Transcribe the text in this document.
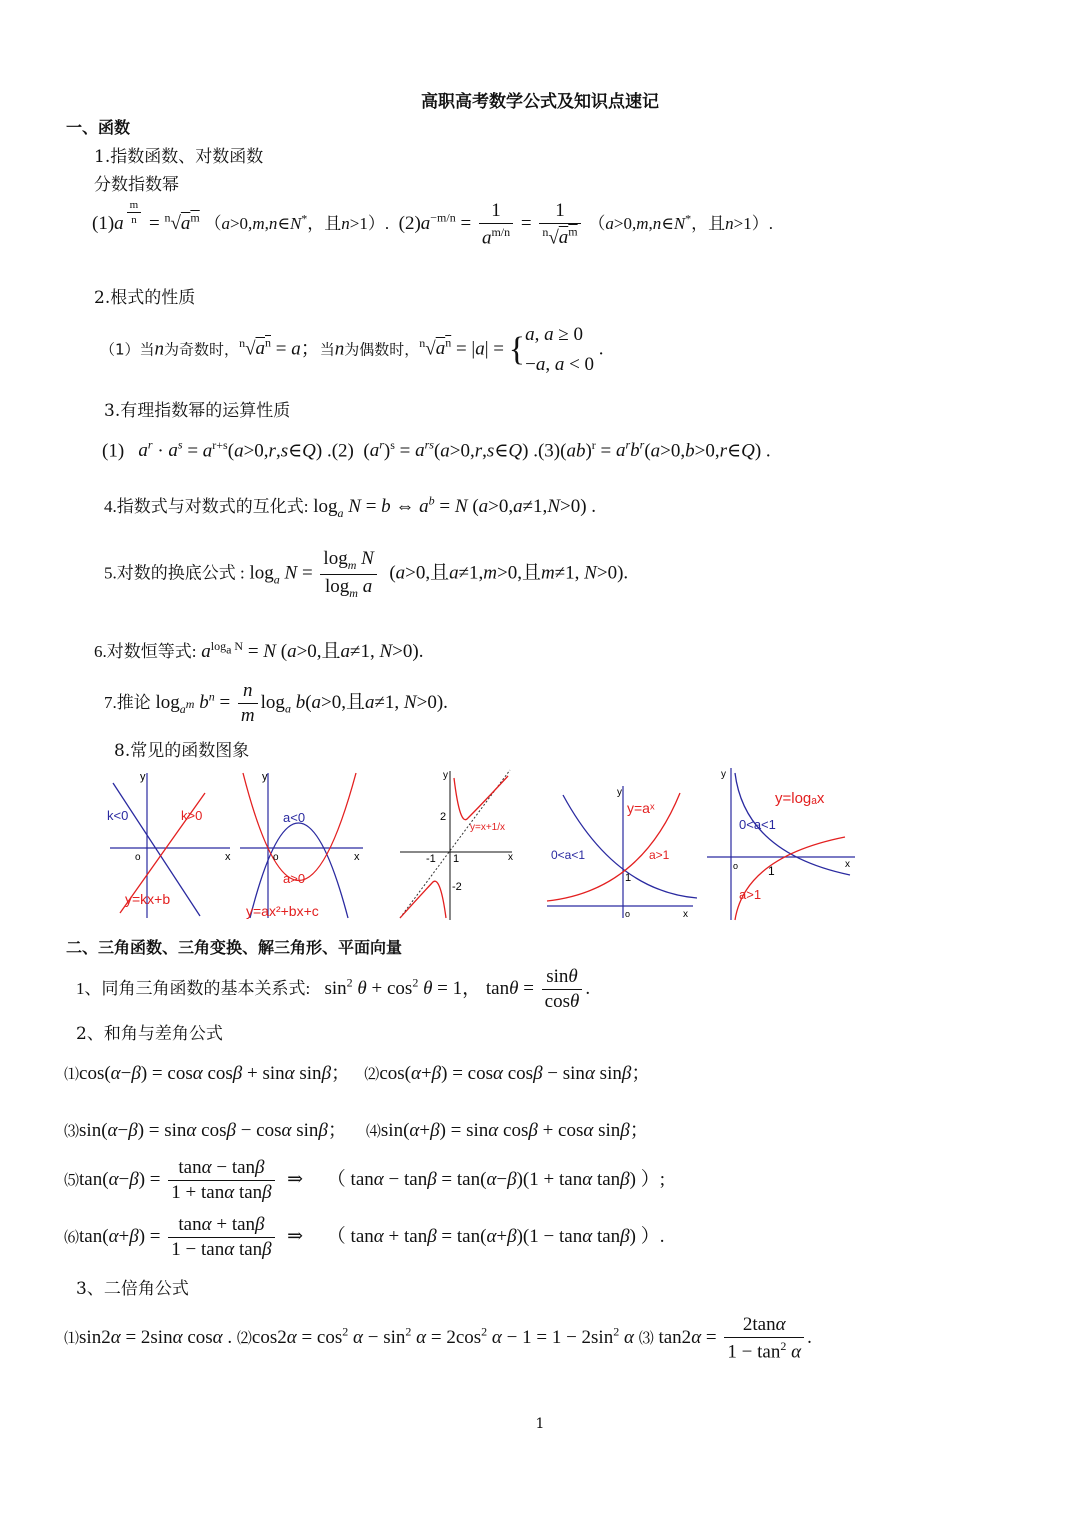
高职高考数学公式及知识点速记
一、函数
1.指数函数、对数函数
分数指数幂
(1)a $^{\frac{m}{n}} = ^n√a^m$ （a>0,m,n∈N*，且n>1）.  $(2)a^{-m/n} = \frac{1}{a^{m/n}} = \frac{1}{^n√a^m}$ （a>0,m,n∈N*，且n>1）.
2.根式的性质
（1）当n为奇数时，$^n√a^n = a$；当n为偶数时，$^n√a^n = |a| = \{a$, a ≥ 0
−a, a < 0 .
3.有理指数幂的运算性质
(1)   $a^r \cdot a^s$ = $a^{r+s}(a>0,r,s\in Q)$ .(2)  $(a^r)^s$ = $a^{rs}(a>0,r,s\in Q) .(3)(ab)^r$ = $a^rb^r(a>0,b>0,r\in Q)$ .
4.指数式与对数式的互化式: $\log_a N = b$ ⇔ $a^b = N$ (a>0,a≠1,N>0) .
5.对数的换底公式 : $\log_a N = \frac{\log_m N}{\log_m a} (a>0$,且a≠1,m>0,且m≠1, N>0).
6.对数恒等式: $a^{log_a N} = N$ (a>0,且a≠1, N>0).
7.推论 $\log_{a^m} b^n = \frac{n}{m} \log_a b(a>0$,且a≠1, N>0).
8.常见的函数图象
y
x
o
k<0	k>0
y=kx+b
y
x
o
a<0
a>0
y=ax²+bx+c
y
x
2
-2
-1 1
y=x+1/x
y
x
o
1
y=aˣ
0<a<1	a>1
y
x
o 1
y=logₐx
0<a<1
a>1
二、三角函数、三角变换、解三角形、平面向量
1、同角三角函数的基本关系式:   $\sin^2 \theta + \cos^2 \theta = 1$， $\tan\theta = \frac{\sin\theta}{\cos\theta}$ .
2、和角与差角公式
⑴cos(α−β) = cosα cosβ + sinα sinβ；   ⑵cos(α+β) = cosα cosβ − sinα sinβ；
⑶sin(α−β) = sinα cosβ − cosα sinβ；    ⑷sin(α+β) = sinα cosβ + cosα sinβ；
⑸tan(α−β) = $\frac{\tan\alpha - \tan\beta}{\text{1 + tanα tanβ}}$ ⇒     （ tanα − tanβ = tan(α−β)(1 + tanα tanβ) ）;
⑹tan(α+β) = $\frac{\tan\alpha + \tan\beta}{\text{1 − tanα tanβ}}$ ⇒     （ tanα + tanβ = tan(α+β)(1 − tanα tanβ) ）.
3、二倍角公式
⑴sin2α = 2sinα cosα . ⑵cos2α = $\cos^2 \alpha - \sin^2 \alpha = 2\cos^2$ $\alpha - 1 = 1 - 2\sin^2$ α ⑶ $\tan 2\alpha = \frac{2\tan\alpha}{1 - \tan^2 \alpha}$ .
1
